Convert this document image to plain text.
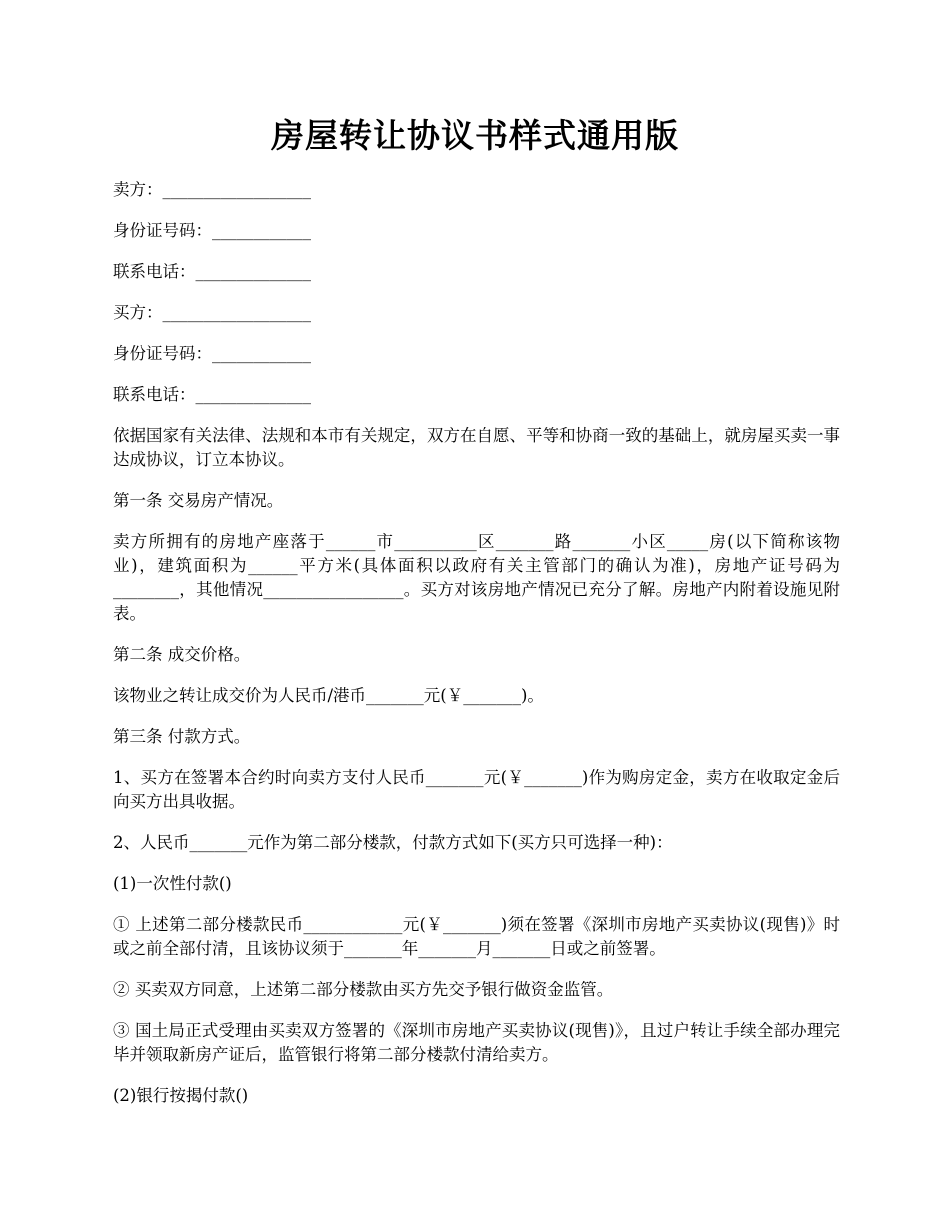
房屋转让协议书样式通用版

卖方：__________________

身份证号码：____________

联系电话：______________

买方：__________________

身份证号码：____________

联系电话：______________

依据国家有关法律、法规和本市有关规定，双方在自愿、平等和协商一致的基础上，就房屋买卖一事达成协议，订立本协议。

第一条 交易房产情况。

卖方所拥有的房地产座落于______市__________区_______路_______小区_____房(以下简称该物业)，建筑面积为______平方米(具体面积以政府有关主管部门的确认为准)，房地产证号码为________，其他情况_________________。买方对该房地产情况已充分了解。房地产内附着设施见附表。

第二条 成交价格。

该物业之转让成交价为人民币/港币_______元(￥_______)。

第三条 付款方式。

1、买方在签署本合约时向卖方支付人民币_______元(￥_______)作为购房定金，卖方在收取定金后向买方出具收据。

2、人民币_______元作为第二部分楼款，付款方式如下(买方只可选择一种)：

(1)一次性付款()

① 上述第二部分楼款民币____________元(￥_______)须在签署《深圳市房地产买卖协议(现售)》时或之前全部付清，且该协议须于_______年_______月_______日或之前签署。

② 买卖双方同意，上述第二部分楼款由买方先交予银行做资金监管。

③ 国土局正式受理由买卖双方签署的《深圳市房地产买卖协议(现售)》，且过户转让手续全部办理完毕并领取新房产证后，监管银行将第二部分楼款付清给卖方。

(2)银行按揭付款()
